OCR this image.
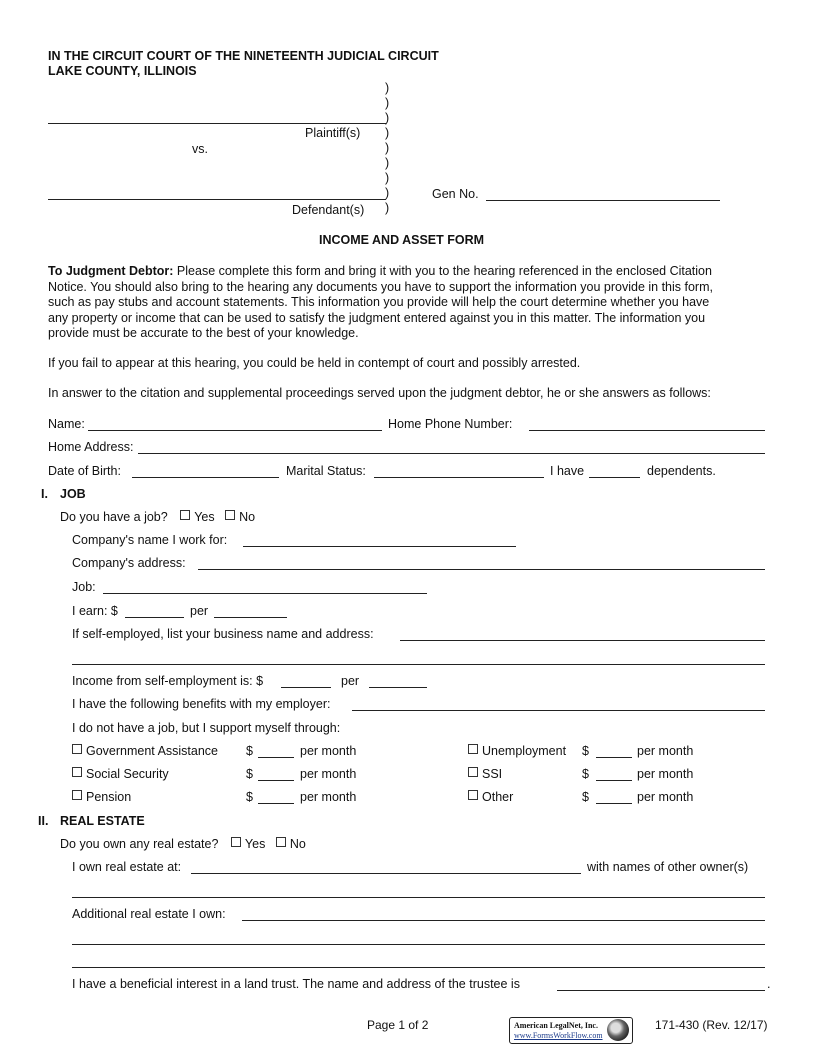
IN THE CIRCUIT COURT OF THE NINETEENTH JUDICIAL CIRCUIT
LAKE COUNTY, ILLINOIS
)
)
)
)
)
)
)
)
)
Plaintiff(s)
vs.
Defendant(s)
Gen No.
INCOME AND ASSET FORM
To Judgment Debtor: Please complete this form and bring it with you to the hearing referenced in the enclosed Citation
Notice. You should also bring to the hearing any documents you have to support the information you provide in this form,
such as pay stubs and account statements. This information you provide will help the court determine whether you have
any property or income that can be used to satisfy the judgment entered against you in this matter. The information you
provide must be accurate to the best of your knowledge.
If you fail to appear at this hearing, you could be held in contempt of court and possibly arrested.
In answer to the citation and supplemental proceedings served upon the judgment debtor, he or she answers as follows:
Name:	Home Phone Number:
Home Address:
Date of Birth:	Marital Status:	I have	dependents.
I. JOB
Do you have a job? Yes No
Company's name I work for:
Company's address:
Job:
I earn: $	per
If self-employed, list your business name and address:
Income from self-employment is: $	per
I have the following benefits with my employer:
I do not have a job, but I support myself through:
Government Assistance $	per month	Unemployment $	per month
Social Security	$	per month	SSI	$	per month
Pension	$	per month	Other	$	per month
II. REAL ESTATE
Do you own any real estate? Yes No
I own real estate at:	with names of other owner(s)
Additional real estate I own:
I have a beneficial interest in a land trust. The name and address of the trustee is	.
Page 1 of 2	American LegalNet, Inc.
www.FormsWorkFlow.com
171-430 (Rev. 12/17)
